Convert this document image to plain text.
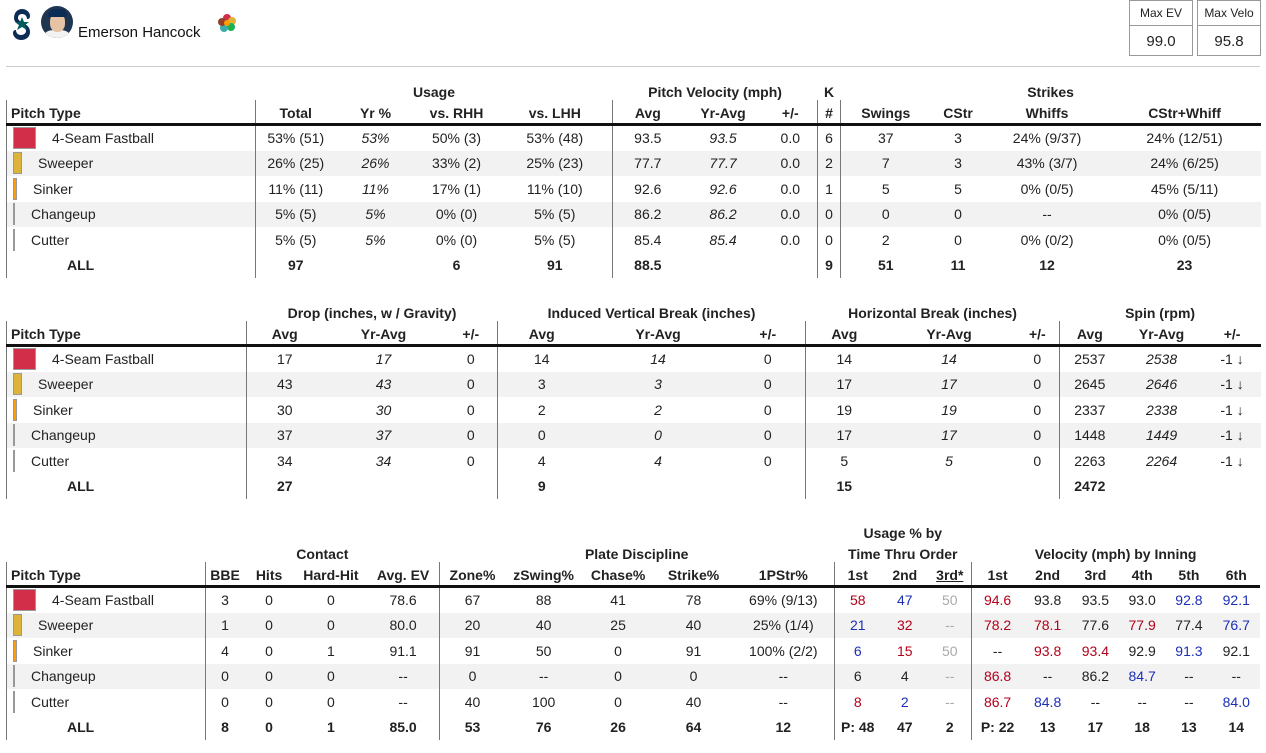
Emerson Hancock
Max EV
99.0
Max Velo
95.8
	Usage				Pitch Velocity (mph)			K	Strikes			
Pitch Type	Total	Yr %	vs. RHH	vs. LHH	Avg	Yr-Avg	+/-	#	Swings	CStr	Whiffs	CStr+Whiff

4-Seam Fastball	53% (51)	53%	50% (3)	53% (48)	93.5	93.5	0.0	6	37	3	24% (9/37)	24% (12/51)

Sweeper	26% (25)	26%	33% (2)	25% (23)	77.7	77.7	0.0	2	7	3	43% (3/7)	24% (6/25)

Sinker	11% (11)	11%	17% (1)	11% (10)	92.6	92.6	0.0	1	5	5	0% (0/5)	45% (5/11)

Changeup	5% (5)	5%	0% (0)	5% (5)	86.2	86.2	0.0	0	0	0	--	0% (0/5)

Cutter	5% (5)	5%	0% (0)	5% (5)	85.4	85.4	0.0	0	2	0	0% (0/2)	0% (0/5)
ALL	97		6	91	88.5			9	51	11	12	23
	Drop (inches, w / Gravity)			Induced Vertical Break (inches)			Horizontal Break (inches)			Spin (rpm)		
Pitch Type	Avg	Yr-Avg	+/-	Avg	Yr-Avg	+/-	Avg	Yr-Avg	+/-	Avg	Yr-Avg	+/-

4-Seam Fastball	17	17	0	14	14	0	14	14	0	2537	2538	-1 ↓

Sweeper	43	43	0	3	3	0	17	17	0	2645	2646	-1 ↓

Sinker	30	30	0	2	2	0	19	19	0	2337	2338	-1 ↓

Changeup	37	37	0	0	0	0	17	17	0	1448	1449	-1 ↓

Cutter	34	34	0	4	4	0	5	5	0	2263	2264	-1 ↓
ALL	27			9			15			2472		
										Usage % by								
	Contact				Plate Discipline					Time Thru Order			Velocity (mph) by Inning					
Pitch Type	BBE	Hits	Hard-Hit	Avg. EV	Zone%	zSwing%	Chase%	Strike%	1PStr%	1st	2nd	3rd*	1st	2nd	3rd	4th	5th	6th

4-Seam Fastball	3	0	0	78.6	67	88	41	78	69% (9/13)	58	47	50	94.6	93.8	93.5	93.0	92.8	92.1

Sweeper	1	0	0	80.0	20	40	25	40	25% (1/4)	21	32	--	78.2	78.1	77.6	77.9	77.4	76.7

Sinker	4	0	1	91.1	91	50	0	91	100% (2/2)	6	15	50	--	93.8	93.4	92.9	91.3	92.1

Changeup	0	0	0	--	0	--	0	0	--	6	4	--	86.8	--	86.2	84.7	--	--

Cutter	0	0	0	--	40	100	0	40	--	8	2	--	86.7	84.8	--	--	--	84.0
ALL	8	0	1	85.0	53	76	26	64	12	P: 48	47	2	P: 22	13	17	18	13	14
